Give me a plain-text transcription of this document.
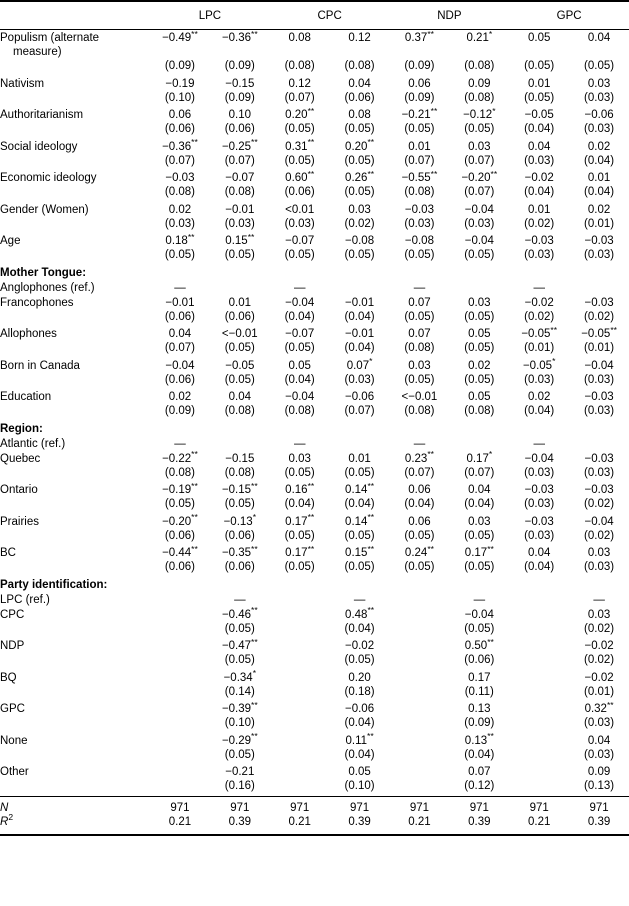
	LPC		CPC		NDP		GPC	

Populism (alternate measure)	−0.49**	−0.36**	0.08	0.12	0.37**	0.21*	0.05	0.04
	(0.09)	(0.09)	(0.08)	(0.08)	(0.09)	(0.08)	(0.05)	(0.05)

Nativism	−0.19	−0.15	0.12	0.04	0.06	0.09	0.01	0.03
	(0.10)	(0.09)	(0.07)	(0.06)	(0.09)	(0.08)	(0.05)	(0.03)

Authoritarianism	0.06	0.10	0.20**	0.08	−0.21**	−0.12*	−0.05	−0.06
	(0.06)	(0.06)	(0.05)	(0.05)	(0.05)	(0.05)	(0.04)	(0.03)

Social ideology	−0.36**	−0.25**	0.31**	0.20**	0.01	0.03	0.04	0.02
	(0.07)	(0.07)	(0.05)	(0.05)	(0.07)	(0.07)	(0.03)	(0.04)

Economic ideology	−0.03	−0.07	0.60**	0.26**	−0.55**	−0.20**	−0.02	0.01
	(0.08)	(0.08)	(0.06)	(0.05)	(0.08)	(0.07)	(0.04)	(0.04)

Gender (Women)	0.02	−0.01	<0.01	0.03	−0.03	−0.04	0.01	0.02
	(0.03)	(0.03)	(0.03)	(0.02)	(0.03)	(0.03)	(0.02)	(0.01)

Age	0.18**	0.15**	−0.07	−0.08	−0.08	−0.04	−0.03	−0.03
	(0.05)	(0.05)	(0.05)	(0.05)	(0.05)	(0.05)	(0.03)	(0.03)
Mother Tongue:								
Anglophones (ref.)	—		—		—		—	

Francophones	−0.01	0.01	−0.04	−0.01	0.07	0.03	−0.02	−0.03
	(0.06)	(0.06)	(0.04)	(0.04)	(0.05)	(0.05)	(0.02)	(0.02)

Allophones	0.04	<−0.01	−0.07	−0.01	0.07	0.05	−0.05**	−0.05**
	(0.07)	(0.05)	(0.05)	(0.04)	(0.08)	(0.05)	(0.01)	(0.01)

Born in Canada	−0.04	−0.05	0.05	0.07*	0.03	0.02	−0.05*	−0.04
	(0.06)	(0.05)	(0.04)	(0.03)	(0.05)	(0.05)	(0.03)	(0.03)

Education	0.02	0.04	−0.04	−0.06	<−0.01	0.05	0.02	−0.03
	(0.09)	(0.08)	(0.08)	(0.07)	(0.08)	(0.08)	(0.04)	(0.03)
Region:								
Atlantic (ref.)	—		—		—		—	

Quebec	−0.22**	−0.15	0.03	0.01	0.23**	0.17*	−0.04	−0.03
	(0.08)	(0.08)	(0.05)	(0.05)	(0.07)	(0.07)	(0.03)	(0.03)

Ontario	−0.19**	−0.15**	0.16**	0.14**	0.06	0.04	−0.03	−0.03
	(0.05)	(0.05)	(0.04)	(0.04)	(0.04)	(0.04)	(0.03)	(0.02)

Prairies	−0.20**	−0.13*	0.17**	0.14**	0.06	0.03	−0.03	−0.04
	(0.06)	(0.06)	(0.05)	(0.05)	(0.05)	(0.05)	(0.03)	(0.02)

BC	−0.44**	−0.35**	0.17**	0.15**	0.24**	0.17**	0.04	0.03
	(0.06)	(0.06)	(0.05)	(0.05)	(0.05)	(0.05)	(0.04)	(0.03)
Party identification:								
LPC (ref.)		—		—		—		—

CPC		−0.46**		0.48**		−0.04		0.03
		(0.05)		(0.04)		(0.05)		(0.02)

NDP		−0.47**		−0.02		0.50**		−0.02
		(0.05)		(0.05)		(0.06)		(0.02)

BQ		−0.34*		0.20		0.17		−0.02
		(0.14)		(0.18)		(0.11)		(0.01)

GPC		−0.39**		−0.06		0.13		0.32**
		(0.10)		(0.04)		(0.09)		(0.03)

None		−0.29**		0.11**		0.13**		0.04
		(0.05)		(0.04)		(0.04)		(0.03)

Other		−0.21		0.05		0.07		0.09
		(0.16)		(0.10)		(0.12)		(0.13)
N	971	971	971	971	971	971	971	971
$R^2$	0.21	0.39	0.21	0.39	0.21	0.39	0.21	0.39
